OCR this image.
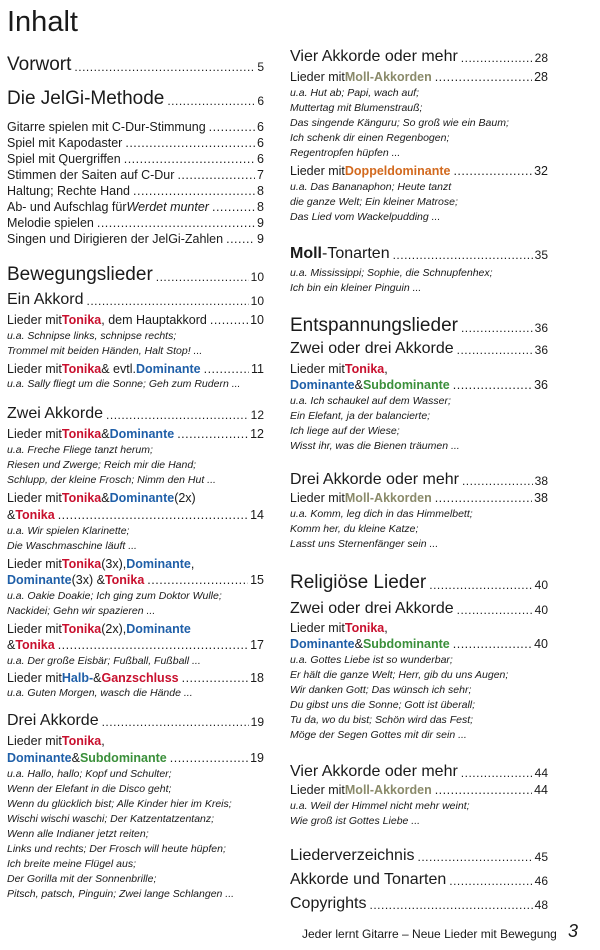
Inhalt
Vorwort .....	5
Die JelGi-Methode .....	6
Gitarre spielen mit C-Dur-Stimmung .....	6
Spiel mit Kapodaster .....	6
Spiel mit Quergriffen .....	6
Stimmen der Saiten auf C-Dur .....	7
Haltung; Rechte Hand .....	8
Ab- und Aufschlag für Werdet munter .....	8
Melodie spielen .....	9
Singen und Dirigieren der JelGi-Zahlen .....	9
Bewegungslieder .....	10
Ein Akkord .....	10
Lieder mit Tonika , dem Hauptakkord .....	10
u.a. Schnipse links, schnipse rechts;
Trommel mit beiden Händen, Halt Stop! ...
Lieder mit Tonika & evtl. Dominante .....	11
u.a. Sally fliegt um die Sonne; Geh zum Rudern ...
Zwei Akkorde .....	12
Lieder mit Tonika & Dominante .....	12
u.a. Freche Fliege tanzt herum;
Riesen und Zwerge; Reich mir die Hand;
Schlupp, der kleine Frosch; Nimm den Hut ...
Lieder mit Tonika & Dominante (2x)
& Tonika .....	14
u.a. Wir spielen Klarinette;
Die Waschmaschine läuft ...
Lieder mit Tonika (3x), Dominante ,
Dominante (3x) & Tonika .....	15
u.a. Oakie Doakie; Ich ging zum Doktor Wulle;
Nackidei; Gehn wir spazieren ...
Lieder mit Tonika (2x), Dominante
& Tonika .....	17
u.a. Der große Eisbär; Fußball, Fußball ...
Lieder mit Halb- & Ganzschluss .....	18
u.a. Guten Morgen, wasch die Hände ...
Drei Akkorde .....	19
Lieder mit Tonika ,
Dominante & Subdominante .....	19
u.a. Hallo, hallo; Kopf und Schulter;
Wenn der Elefant in die Disco geht;
Wenn du glücklich bist; Alle Kinder hier im Kreis;
Wischi wischi waschi; Der Katzentatzentanz;
Wenn alle Indianer jetzt reiten;
Links und rechts; Der Frosch will heute hüpfen;
Ich breite meine Flügel aus;
Der Gorilla mit der Sonnenbrille;
Pitsch, patsch, Pinguin; Zwei lange Schlangen ...
Vier Akkorde oder mehr .....	28
Lieder mit Moll-Akkorden .....	28
u.a. Hut ab; Papi, wach auf;
Muttertag mit Blumenstrauß;
Das singende Känguru; So groß wie ein Baum;
Ich schenk dir einen Regenbogen;
Regentropfen hüpfen ...
Lieder mit Doppeldominante .....	32
u.a. Das Bananaphon; Heute tanzt
die ganze Welt; Ein kleiner Matrose;
Das Lied vom Wackelpudding ...
Moll -Tonarten .....	35
u.a. Mississippi; Sophie, die Schnupfenhex;
Ich bin ein kleiner Pinguin ...
Entspannungslieder .....	36
Zwei oder drei Akkorde .....	36
Lieder mit Tonika ,
Dominante & Subdominante .....	36
u.a. Ich schaukel auf dem Wasser;
Ein Elefant, ja der balancierte;
Ich liege auf der Wiese;
Wisst ihr, was die Bienen träumen ...
Drei Akkorde oder mehr .....	38
Lieder mit Moll-Akkorden .....	38
u.a. Komm, leg dich in das Himmelbett;
Komm her, du kleine Katze;
Lasst uns Sternenfänger sein ...
Religiöse Lieder .....	40
Zwei oder drei Akkorde .....	40
Lieder mit Tonika ,
Dominante & Subdominante .....	40
u.a. Gottes Liebe ist so wunderbar;
Er hält die ganze Welt; Herr, gib du uns Augen;
Wir danken Gott; Das wünsch ich sehr;
Du gibst uns die Sonne; Gott ist überall;
Tu da, wo du bist; Schön wird das Fest;
Möge der Segen Gottes mit dir sein ...
Vier Akkorde oder mehr .....	44
Lieder mit Moll-Akkorden .....	44
u.a. Weil der Himmel nicht mehr weint;
Wie groß ist Gottes Liebe ...
Liederverzeichnis .....	45
Akkorde und Tonarten .....	46
Copyrights .....	48
Jeder lernt Gitarre – Neue Lieder mit Bewegung 3
